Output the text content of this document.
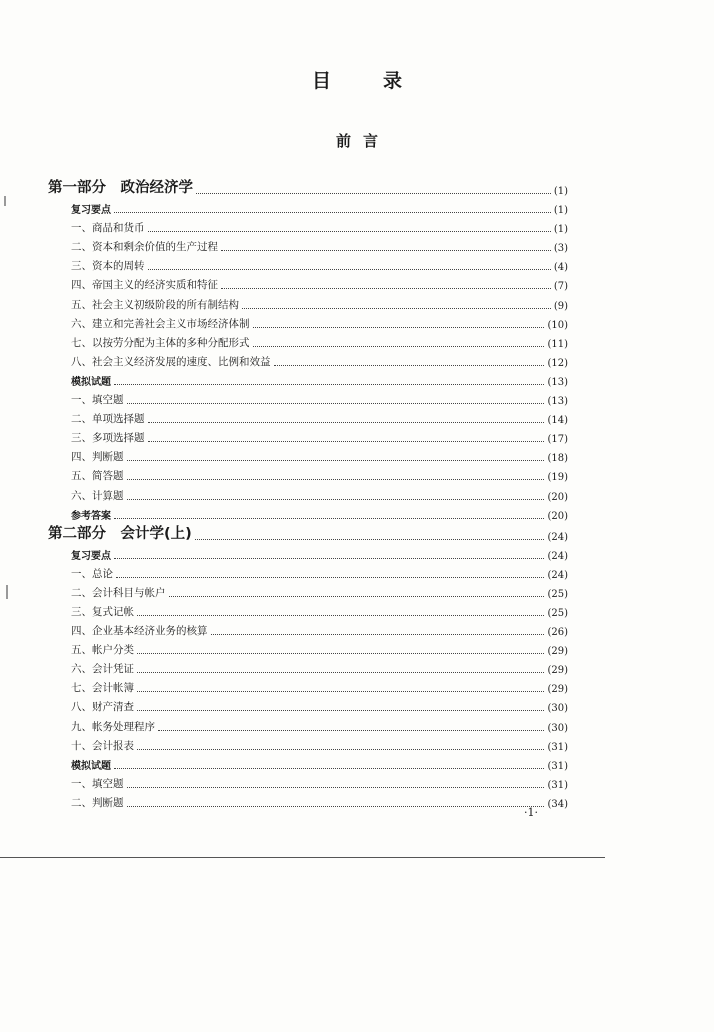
目录
前言
第一部分　政治经济学	(1)
复习要点	(1)
一、商品和货币	(1)
二、资本和剩余价值的生产过程	(3)
三、资本的周转	(4)
四、帝国主义的经济实质和特征	(7)
五、社会主义初级阶段的所有制结构	(9)
六、建立和完善社会主义市场经济体制	(10)
七、以按劳分配为主体的多种分配形式	(11)
八、社会主义经济发展的速度、比例和效益	(12)
模拟试题	(13)
一、填空题	(13)
二、单项选择题	(14)
三、多项选择题	(17)
四、判断题	(18)
五、简答题	(19)
六、计算题	(20)
参考答案	(20)
第二部分　会计学(上)	(24)
复习要点	(24)
一、总论	(24)
二、会计科目与帐户	(25)
三、复式记帐	(25)
四、企业基本经济业务的核算	(26)
五、帐户分类	(29)
六、会计凭证	(29)
七、会计帐簿	(29)
八、财产清查	(30)
九、帐务处理程序	(30)
十、会计报表	(31)
模拟试题	(31)
一、填空题	(31)
二、判断题	(34)
·1·
